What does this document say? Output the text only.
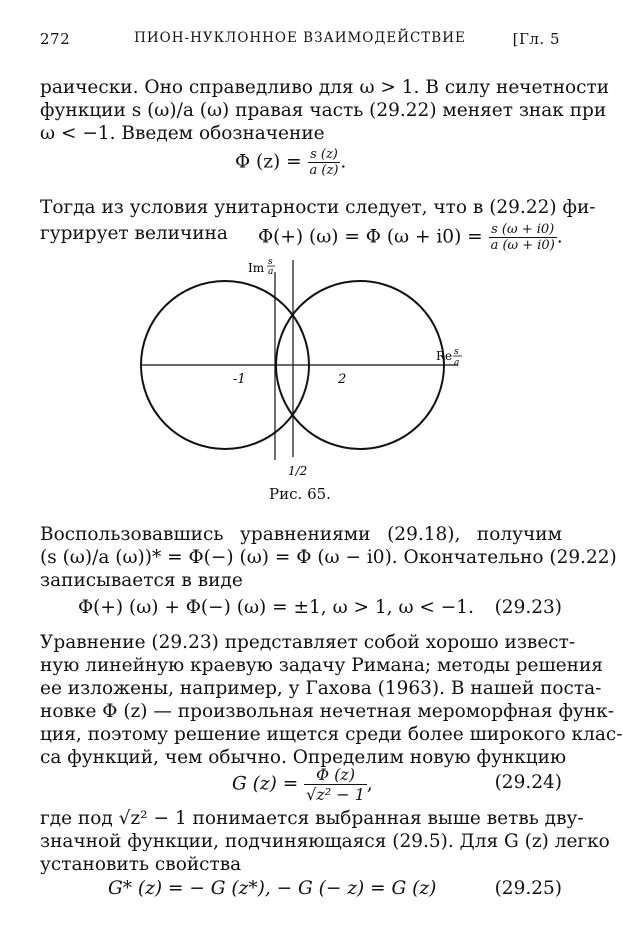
272	ПИОН-НУКЛОННОЕ ВЗАИМОДЕЙСТВИЕ	[Гл. 5
раически. Оно справедливо для ω > 1. В силу нечетности
функции s (ω)/a (ω) правая часть (29.22) меняет знак при
ω < −1. Введем обозначение
Φ $(z) = \frac{s (z)}{a (z)}$ .
Тогда из условия унитарности следует, что в (29.22) фи-
гурирует величина Φ(+) (ω) = Φ $(\omega + i0) = \frac{s (\omega + i0)}{a (\omega + i0)}$ .
Im s
a
Re s
a
-1	2
1/2
Рис. 65.
Воспользовавшись уравнениями (29.18), получим
(s (ω)/a (ω))* = Φ(−) (ω) = Φ (ω − i0). Окончательно (29.22)
записывается в виде
Φ(+) (ω) + Φ(−) (ω) = ±1, ω > 1, ω < −1. (29.23)
Уравнение (29.23) представляет собой хорошо извест-
ную линейную краевую задачу Римана; методы решения
ее изложены, например, у Гахова (1963). В нашей поста-
новке Φ (z) — произвольная нечетная мероморфная функ-
ция, поэтому решение ищется среди более широкого клас-
са функций, чем обычно. Определим новую функцию
G $(z) = \frac{\Phi (z)}{\text{√z² − 1}}$ ,	(29.24)
где под √z² − 1 понимается выбранная выше ветвь дву-
значной функции, подчиняющаяся (29.5). Для G (z) легко
установить свойства
G* (z) = − G (z*), − G (− z) = G (z)	(29.25)
